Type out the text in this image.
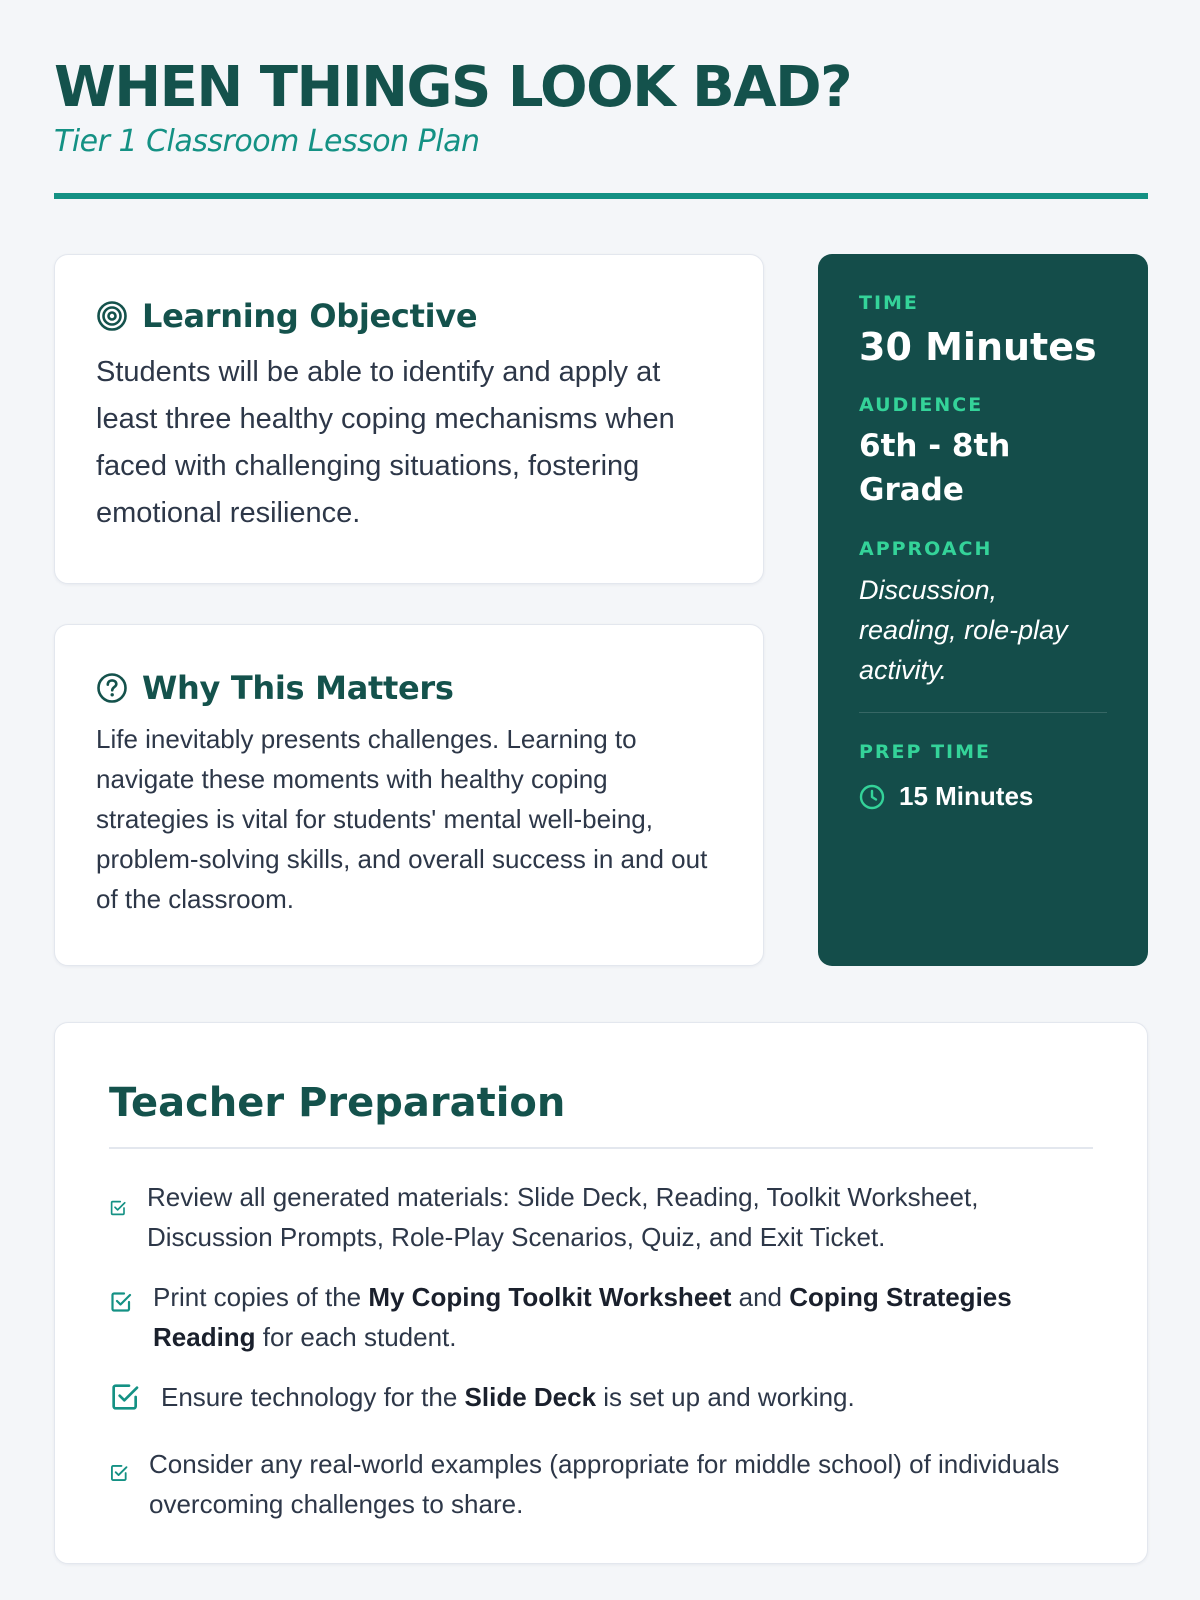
WHEN THINGS LOOK BAD?
Tier 1 Classroom Lesson Plan
Learning Objective
Students will be able to identify and apply at least three healthy coping mechanisms when faced with challenging situations, fostering emotional resilience.
Why This Matters
Life inevitably presents challenges. Learning to navigate these moments with healthy coping strategies is vital for students' mental well-being, problem-solving skills, and overall success in and out of the classroom.
TIME
30 Minutes
AUDIENCE
6th - 8th Grade
APPROACH
Discussion, reading, role-play activity.
PREP TIME
15 Minutes
Teacher Preparation
Review all generated materials: Slide Deck, Reading, Toolkit Worksheet, Discussion Prompts, Role-Play Scenarios, Quiz, and Exit Ticket.
Print copies of the My Coping Toolkit Worksheet and Coping Strategies Reading for each student.
Ensure technology for the Slide Deck is set up and working.
Consider any real-world examples (appropriate for middle school) of individuals overcoming challenges to share.
